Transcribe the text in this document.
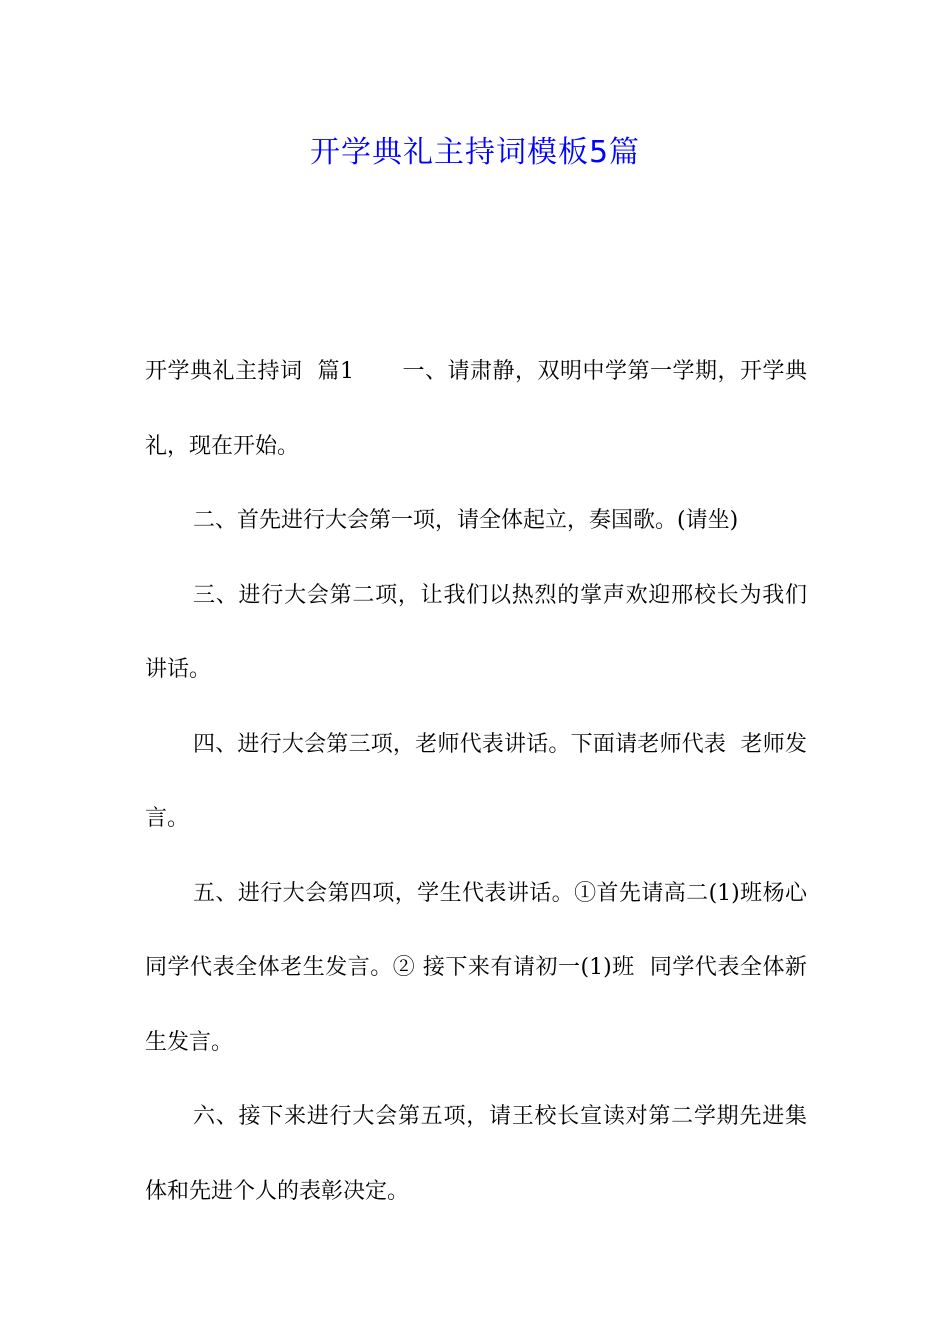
开学典礼主持词模板5篇

开学典礼主持词  篇1 一、请肃静，双明中学第一学期，开学典礼，现在开始。

二、首先进行大会第一项，请全体起立，奏国歌。(请坐)

三、进行大会第二项，让我们以热烈的掌声欢迎邢校长为我们讲话。

四、进行大会第三项，老师代表讲话。下面请老师代表  老师发言。

五、进行大会第四项，学生代表讲话。①首先请高二(1)班杨心同学代表全体老生发言。② 接下来有请初一(1)班  同学代表全体新生发言。

六、接下来进行大会第五项，请王校长宣读对第二学期先进集体和先进个人的表彰决定。
